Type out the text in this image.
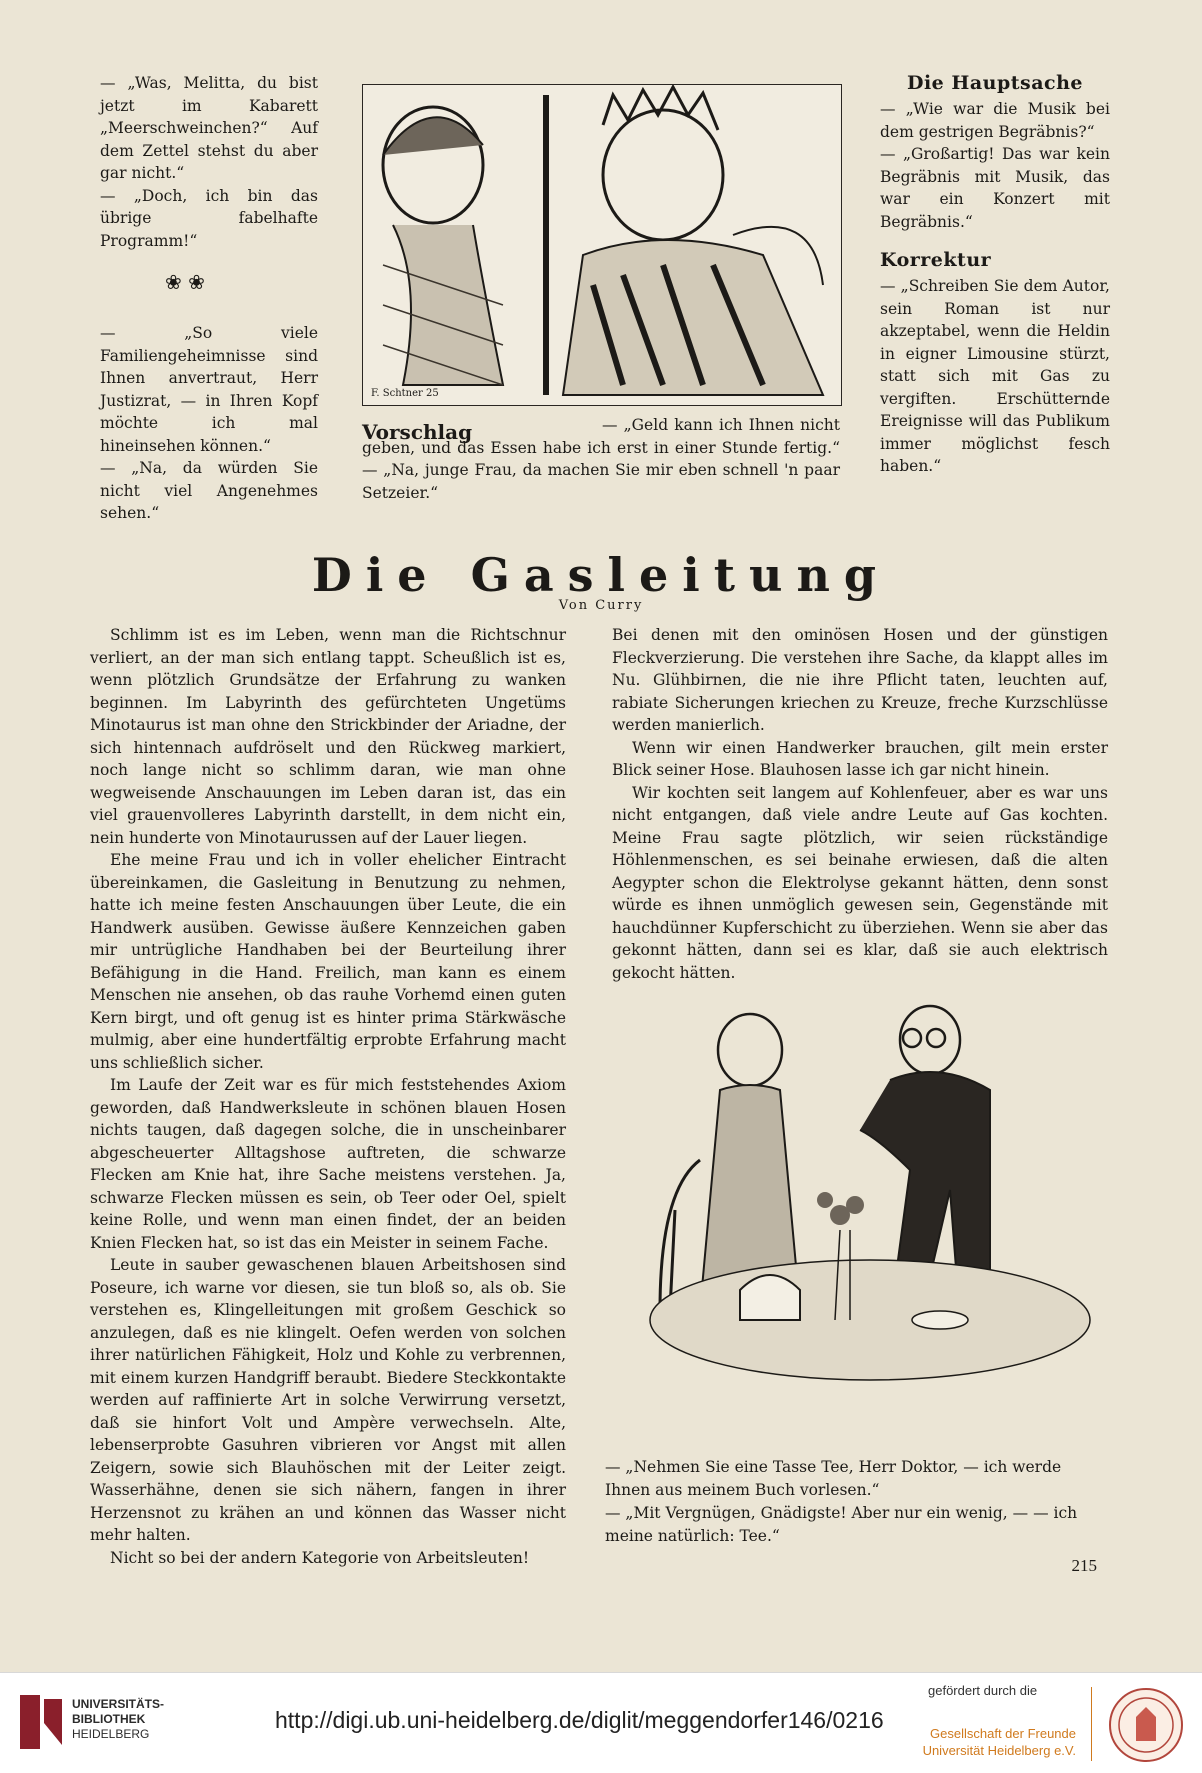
— „Was, Melitta, du bist jetzt im Kabarett „Meerschweinchen?“ Auf dem Zettel stehst du aber gar nicht.“

— „Doch, ich bin das übrige fabelhafte Programm!“

❀ ❀

— „So viele Familiengeheimnisse sind Ihnen anvertraut, Herr Justizrat, — in Ihren Kopf möchte ich mal hineinsehen können.“

— „Na, da würden Sie nicht viel Angenehmes sehen.“

F. Schtner 25
Vorschlag	— „Geld kann ich Ihnen nicht geben, und das Essen habe ich erst in einer Stunde fertig.“ — „Na, junge Frau, da machen Sie mir eben schnell 'n paar Setzeier.“
Die Hauptsache

— „Wie war die Musik bei dem gestrigen Begräbnis?“

— „Großartig! Das war kein Begräbnis mit Musik, das war ein Konzert mit Begräbnis.“

Korrektur

— „Schreiben Sie dem Autor, sein Roman ist nur akzeptabel, wenn die Heldin in eigner Limousine stürzt, statt sich mit Gas zu vergiften. Erschütternde Ereignisse will das Publikum immer möglichst fesch haben.“

Die Gasleitung
Von Curry

Schlimm ist es im Leben, wenn man die Richtschnur verliert, an der man sich entlang tappt. Scheußlich ist es, wenn plötzlich Grundsätze der Erfahrung zu wanken beginnen. Im Labyrinth des gefürchteten Ungetüms Minotaurus ist man ohne den Strickbinder der Ariadne, der sich hintennach aufdröselt und den Rückweg markiert, noch lange nicht so schlimm daran, wie man ohne wegweisende Anschauungen im Leben daran ist, das ein viel grauenvolleres Labyrinth darstellt, in dem nicht ein, nein hunderte von Minotaurussen auf der Lauer liegen.

Ehe meine Frau und ich in voller ehelicher Eintracht übereinkamen, die Gasleitung in Benutzung zu nehmen, hatte ich meine festen Anschauungen über Leute, die ein Handwerk ausüben. Gewisse äußere Kennzeichen gaben mir untrügliche Handhaben bei der Beurteilung ihrer Befähigung in die Hand. Freilich, man kann es einem Menschen nie ansehen, ob das rauhe Vorhemd einen guten Kern birgt, und oft genug ist es hinter prima Stärkwäsche mulmig, aber eine hundertfältig erprobte Erfahrung macht uns schließlich sicher.

Im Laufe der Zeit war es für mich feststehendes Axiom geworden, daß Handwerksleute in schönen blauen Hosen nichts taugen, daß dagegen solche, die in unscheinbarer abgescheuerter Alltagshose auftreten, die schwarze Flecken am Knie hat, ihre Sache meistens verstehen. Ja, schwarze Flecken müssen es sein, ob Teer oder Oel, spielt keine Rolle, und wenn man einen findet, der an beiden Knien Flecken hat, so ist das ein Meister in seinem Fache.

Leute in sauber gewaschenen blauen Arbeitshosen sind Poseure, ich warne vor diesen, sie tun bloß so, als ob. Sie verstehen es, Klingelleitungen mit großem Geschick so anzulegen, daß es nie klingelt. Oefen werden von solchen ihrer natürlichen Fähigkeit, Holz und Kohle zu verbrennen, mit einem kurzen Handgriff beraubt. Biedere Steckkontakte werden auf raffinierte Art in solche Verwirrung versetzt, daß sie hinfort Volt und Ampère verwechseln. Alte, lebenserprobte Gasuhren vibrieren vor Angst mit allen Zeigern, sowie sich Blauhöschen mit der Leiter zeigt. Wasserhähne, denen sie sich nähern, fangen in ihrer Herzensnot zu krähen an und können das Wasser nicht mehr halten.

Nicht so bei der andern Kategorie von Arbeitsleuten!

Bei denen mit den ominösen Hosen und der günstigen Fleckverzierung. Die verstehen ihre Sache, da klappt alles im Nu. Glühbirnen, die nie ihre Pflicht taten, leuchten auf, rabiate Sicherungen kriechen zu Kreuze, freche Kurzschlüsse werden manierlich.

Wenn wir einen Handwerker brauchen, gilt mein erster Blick seiner Hose. Blauhosen lasse ich gar nicht hinein.

Wir kochten seit langem auf Kohlenfeuer, aber es war uns nicht entgangen, daß viele andre Leute auf Gas kochten. Meine Frau sagte plötzlich, wir seien rückständige Höhlenmenschen, es sei beinahe erwiesen, daß die alten Aegypter schon die Elektrolyse gekannt hätten, denn sonst würde es ihnen unmöglich gewesen sein, Gegenstände mit hauchdünner Kupferschicht zu überziehen. Wenn sie aber das gekonnt hätten, dann sei es klar, daß sie auch elektrisch gekocht hätten.

— „Nehmen Sie eine Tasse Tee, Herr Doktor, — ich werde Ihnen aus meinem Buch vorlesen.“
— „Mit Vergnügen, Gnädigste! Aber nur ein wenig, — — ich meine natürlich: Tee.“
215
UNIVERSITÄTS-
BIBLIOTHEK
HEIDELBERG
http://digi.ub.uni-heidelberg.de/diglit/meggendorfer146/0216
gefördert durch die
Gesellschaft der Freunde
Universität Heidelberg e.V.
